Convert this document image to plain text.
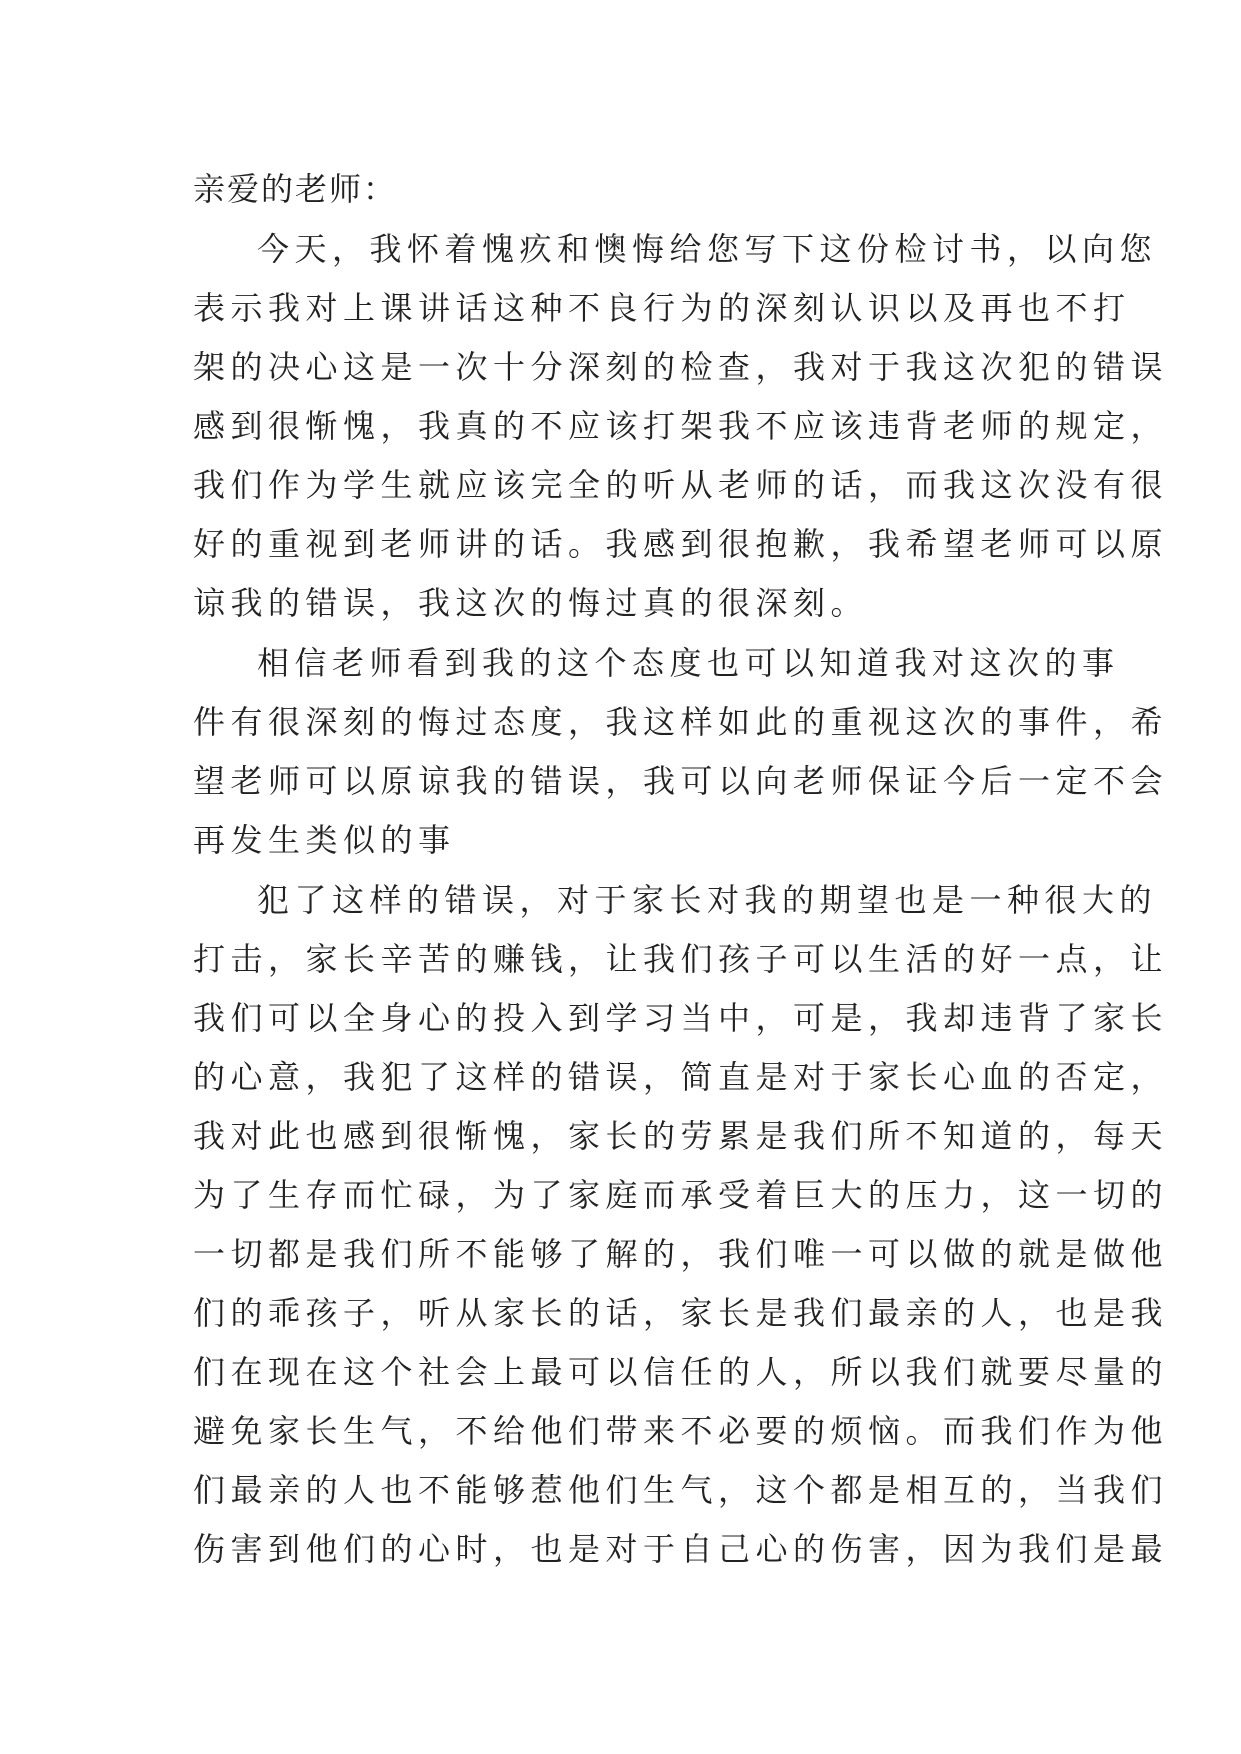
亲爱的老师：
今天，我怀着愧疚和懊悔给您写下这份检讨书，以向您
表示我对上课讲话这种不良行为的深刻认识以及再也不打
架的决心这是一次十分深刻的检查，我对于我这次犯的错误
感到很惭愧，我真的不应该打架我不应该违背老师的规定，
我们作为学生就应该完全的听从老师的话，而我这次没有很
好的重视到老师讲的话。我感到很抱歉，我希望老师可以原
谅我的错误，我这次的悔过真的很深刻。
相信老师看到我的这个态度也可以知道我对这次的事
件有很深刻的悔过态度，我这样如此的重视这次的事件，希
望老师可以原谅我的错误，我可以向老师保证今后一定不会
再发生类似的事
犯了这样的错误，对于家长对我的期望也是一种很大的
打击，家长辛苦的赚钱，让我们孩子可以生活的好一点，让
我们可以全身心的投入到学习当中，可是，我却违背了家长
的心意，我犯了这样的错误，简直是对于家长心血的否定，
我对此也感到很惭愧，家长的劳累是我们所不知道的，每天
为了生存而忙碌，为了家庭而承受着巨大的压力，这一切的
一切都是我们所不能够了解的，我们唯一可以做的就是做他
们的乖孩子，听从家长的话，家长是我们最亲的人，也是我
们在现在这个社会上最可以信任的人，所以我们就要尽量的
避免家长生气，不给他们带来不必要的烦恼。而我们作为他
们最亲的人也不能够惹他们生气，这个都是相互的，当我们
伤害到他们的心时，也是对于自己心的伤害，因为我们是最
